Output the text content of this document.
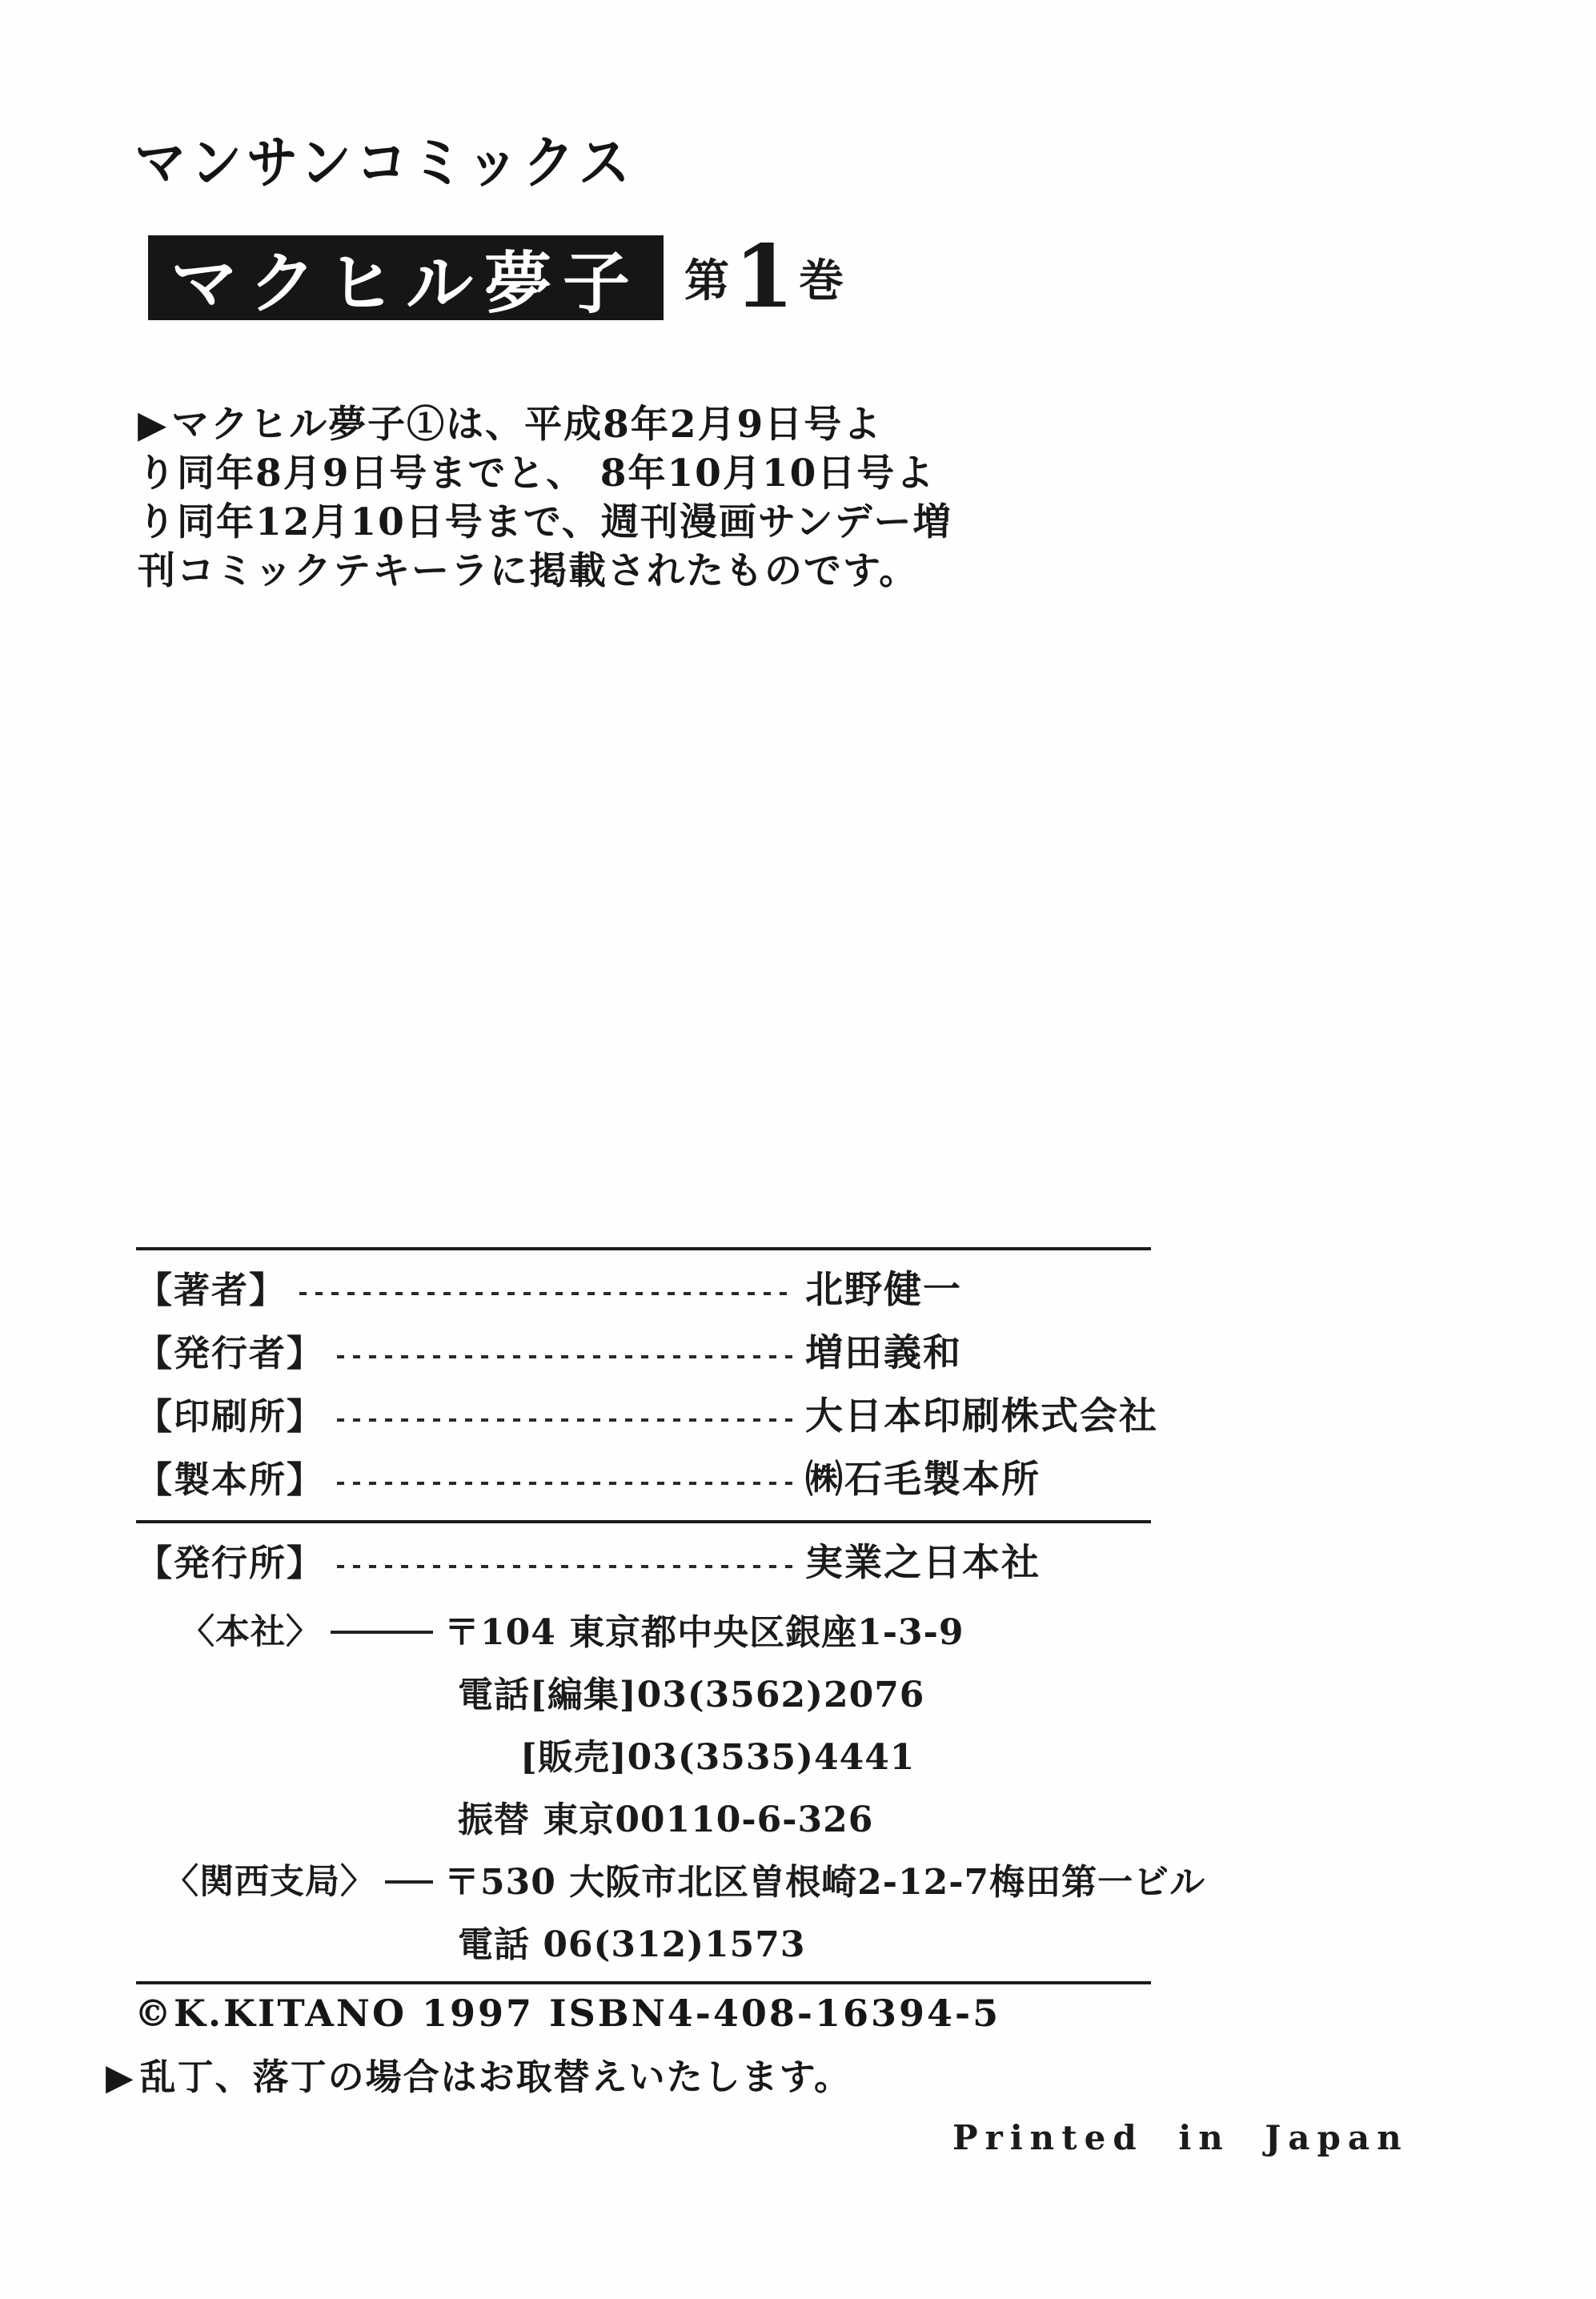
マンサンコミックス
マクヒル夢子 第 1 巻
▶マクヒル夢子①は、平成8年2月9日号よ
り同年8月9日号までと、 8年10月10日号よ
り同年12月10日号まで、週刊漫画サンデー増
刊コミックテキーラに掲載されたものです。
【著者】	北野健一
【発行者】	増田義和
【印刷所】	大日本印刷株式会社
【製本所】	㈱石毛製本所
【発行所】	実業之日本社
〈本社〉	〒104 東京都中央区銀座1-3-9
電話[編集]03(3562)2076
[販売]03(3535)4441
振替 東京00110-6-326
〈関西支局〉 〒530 大阪市北区曽根崎2-12-7梅田第一ビル
電話 06(312)1573
©K.KITANO 1997 ISBN4-408-16394-5
▶ 乱丁、落丁の場合はお取替えいたします。
Printed in Japan
